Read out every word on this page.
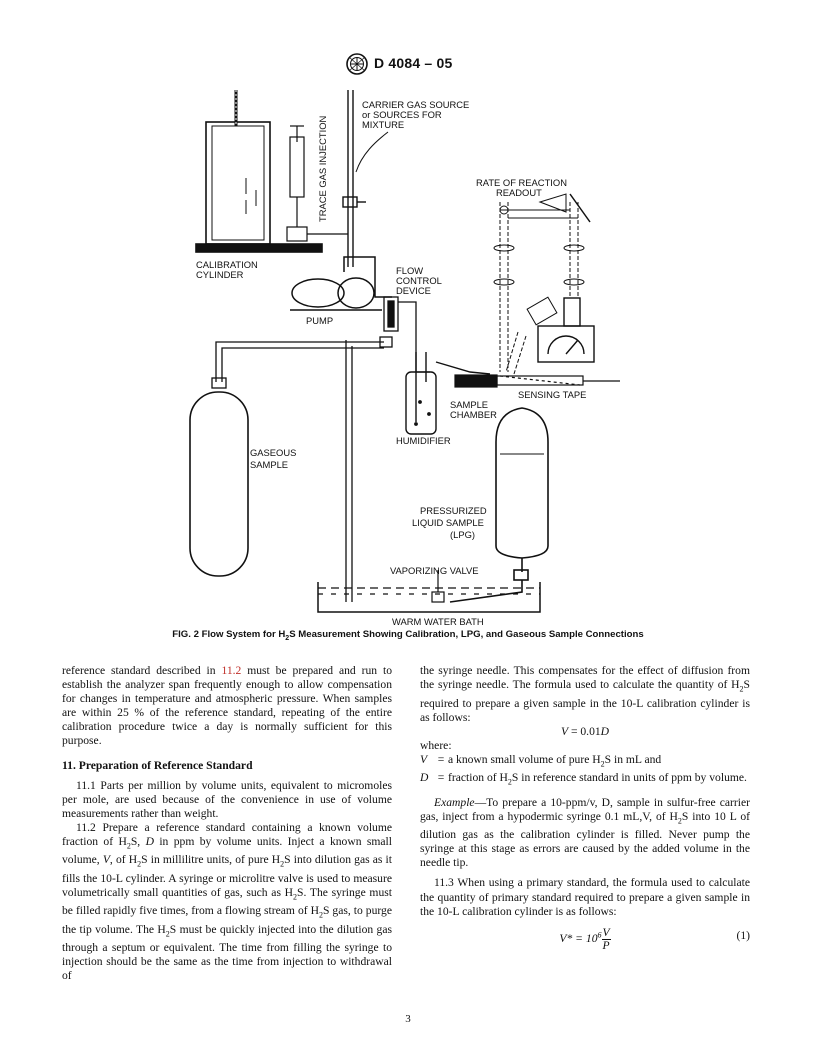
D 4084 – 05
CARRIER GAS SOURCE
or SOURCES FOR
MIXTURE
TRACE GAS INJECTION	RATE OF REACTION
READOUT
CALIBRATION
CYLINDER	FLOW
CONTROL
DEVICE
PUMP
SENSING TAPE
SAMPLE
CHAMBER
HUMIDIFIER
GASEOUS
SAMPLE
PRESSURIZED
LIQUID SAMPLE
(LPG)
VAPORIZING VALVE
WARM WATER BATH
FIG. 2 Flow System for $H_2S$ Measurement Showing Calibration, LPG, and Gaseous Sample Connections

reference standard described in 11.2 must be prepared and run to establish the analyzer span frequently enough to allow compensation for changes in temperature and atmospheric pressure. When samples are within 25 % of the reference standard, repeating of the entire calibration procedure twice a day is normally sufficient for this purpose.

11. Preparation of Reference Standard

11.1 Parts per million by volume units, equivalent to micromoles per mole, are used because of the convenience in use of volume measurements rather than weight.

11.2 Prepare a reference standard containing a known volume fraction of $H_2S$, D in ppm by volume units. Inject a known small volume, V, of $H_2S$ in millilitre units, of pure $H_2S$ into dilution gas as it fills the 10-L cylinder. A syringe or microlitre valve is used to measure volumetrically small quantities of gas, such as $H_2S$. The syringe must be filled rapidly five times, from a flowing stream of $H_2S$ gas, to purge the tip volume. The $H_2S$ must be quickly injected into the dilution gas through a septum or equivalent. The time from filling the syringe to injection should be the same as the time from injection to withdrawal of

the syringe needle. This compensates for the effect of diffusion from the syringe needle. The formula used to calculate the quantity of $H_2S$ required to prepare a given sample in the 10-L calibration cylinder is as follows:

V = 0.01D

where:

V = a known small volume of pure $H_2S$ in mL and
D = fraction of $H_2S$ in reference standard in units of ppm by volume.

Example—To prepare a 10-ppm/v, D, sample in sulfur-free carrier gas, inject from a hypodermic syringe 0.1 mL,V, of $H_2S$ into 10 L of dilution gas as the calibration cylinder is filled. Never pump the syringe at this stage as errors are caused by the added volume in the needle tip.

11.3 When using a primary standard, the formula used to calculate the quantity of primary standard required to prepare a given sample in the 10-L calibration cylinder is as follows:

$V* = 10^6 \frac{V}{P}$	(1)
3
